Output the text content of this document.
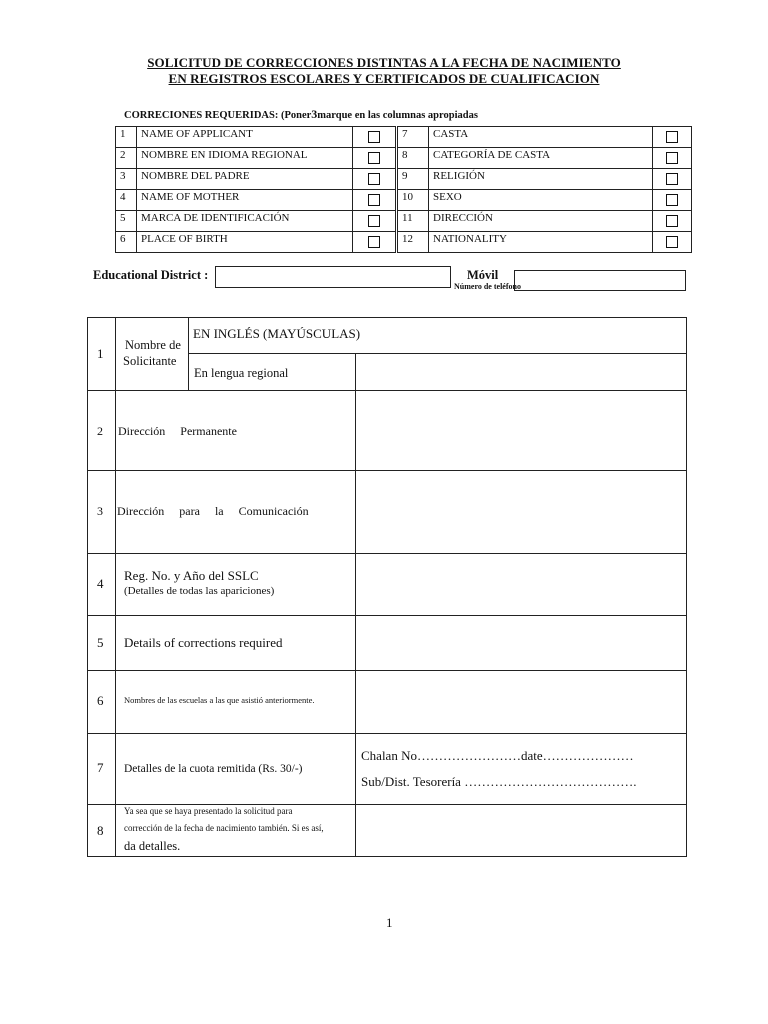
SOLICITUD DE CORRECCIONES DISTINTAS A LA FECHA DE NACIMIENTO
EN REGISTROS ESCOLARES Y CERTIFICADOS DE CUALIFICACION
CORRECIONES REQUERIDAS: (Poner3marque en las columnas apropiadas
1	NAME OF APPLICANT			7	CASTA	
2	NOMBRE EN IDIOMA REGIONAL			8	CATEGORÍA DE CASTA	
3	NOMBRE DEL PADRE			9	RELIGIÓN	
4	NAME OF MOTHER			10	SEXO	
5	MARCA DE IDENTIFICACIÓN			11	DIRECCIÓN	
6	PLACE OF BIRTH			12	NATIONALITY	
Educational District :	Móvil
Número de teléfono
1
Nombre de
Solicitante
EN INGLÉS (MAYÚSCULAS)
En lengua regional
2 Dirección     Permanente
3 Dirección     para     la     Comunicación
4
Reg. No. y Año del SSLC
(Detalles de todas las apariciones)
5 Details of corrections required
6 Nombres de las escuelas a las que asistió anteriormente.
7 Detalles de la cuota remitida (Rs. 30/-)
Chalan No……………………date…………………
Sub/Dist. Tesorería ………………………………….
8
Ya sea que se haya presentado la solicitud para
corrección de la fecha de nacimiento también. Si es así,
da detalles.
1
